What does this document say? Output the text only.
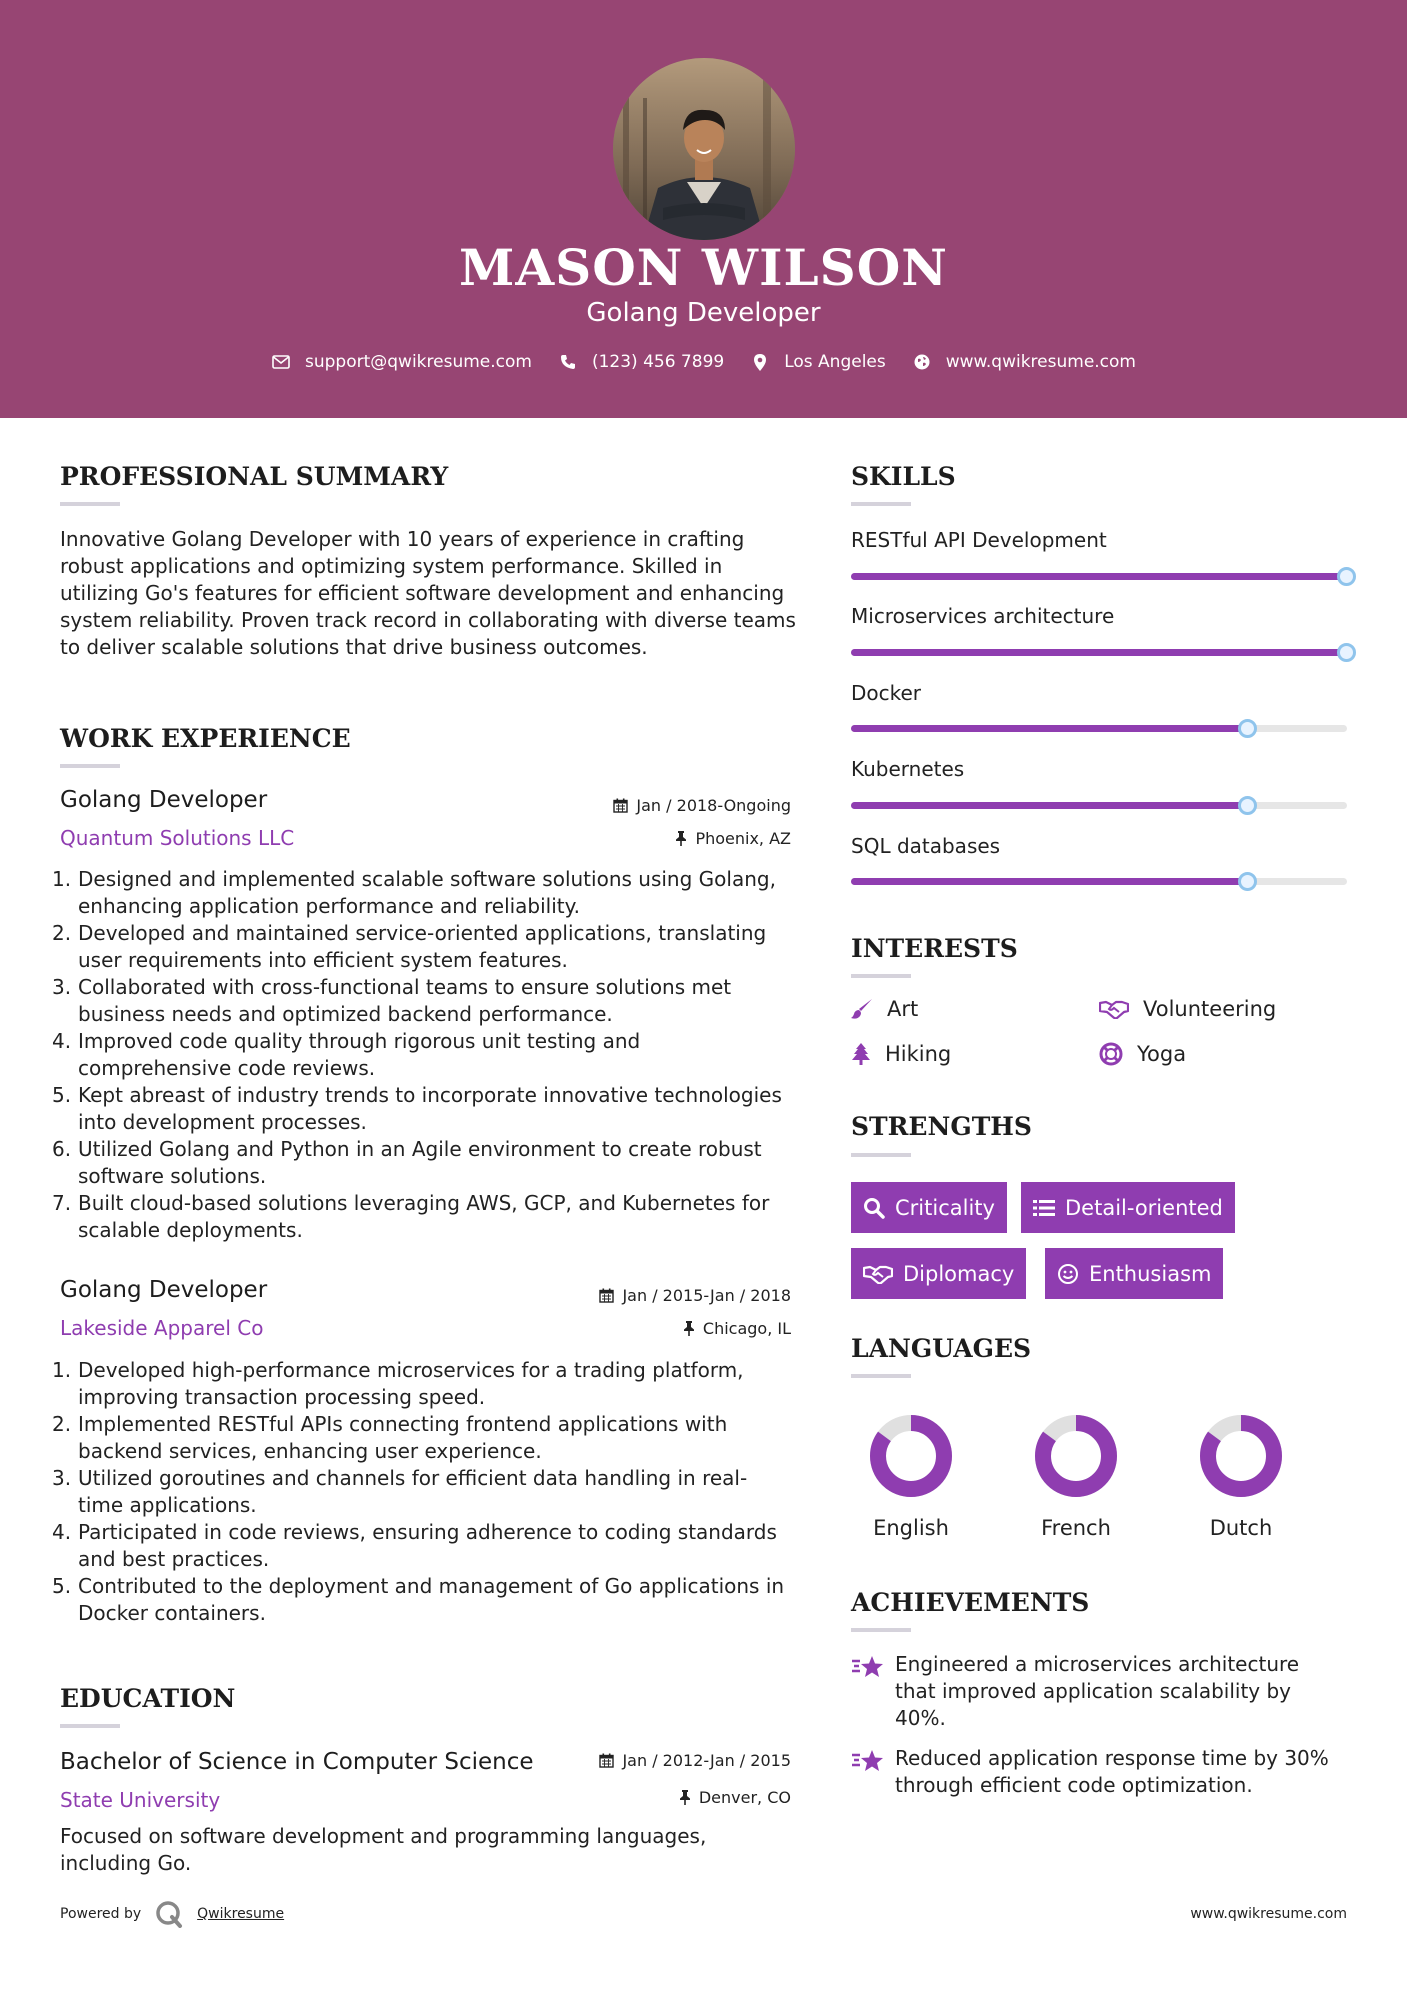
MASON WILSON
Golang Developer
support@qwikresume.com	(123) 456 7899	Los Angeles	www.qwikresume.com
PROFESSIONAL SUMMARY
Innovative Golang Developer with 10 years of experience in crafting robust applications and optimizing system performance. Skilled in utilizing Go's features for efficient software development and enhancing system reliability. Proven track record in collaborating with diverse teams to deliver scalable solutions that drive business outcomes.
WORK EXPERIENCE
Golang Developer	Jan / 2018-Ongoing
Quantum Solutions LLC	Phoenix, AZ
1. Designed and implemented scalable software solutions using Golang, enhancing application performance and reliability.
2. Developed and maintained service-oriented applications, translating user requirements into efficient system features.
3. Collaborated with cross-functional teams to ensure solutions met business needs and optimized backend performance.
4. Improved code quality through rigorous unit testing and comprehensive code reviews.
5. Kept abreast of industry trends to incorporate innovative technologies into development processes.
6. Utilized Golang and Python in an Agile environment to create robust software solutions.
7. Built cloud-based solutions leveraging AWS, GCP, and Kubernetes for scalable deployments.
Golang Developer	Jan / 2015-Jan / 2018
Lakeside Apparel Co	Chicago, IL
1. Developed high-performance microservices for a trading platform, improving transaction processing speed.
2. Implemented RESTful APIs connecting frontend applications with backend services, enhancing user experience.
3. Utilized goroutines and channels for efficient data handling in real-time applications.
4. Participated in code reviews, ensuring adherence to coding standards and best practices.
5. Contributed to the deployment and management of Go applications in Docker containers.
EDUCATION
Bachelor of Science in Computer Science	Jan / 2012-Jan / 2015
State University	Denver, CO
Focused on software development and programming languages, including Go.
SKILLS
RESTful API Development
Microservices architecture
Docker
Kubernetes
SQL databases
INTERESTS
Art	Volunteering
Hiking	Yoga
STRENGTHS
Criticality	Detail-oriented
Diplomacy	Enthusiasm
LANGUAGES
English	French	Dutch
ACHIEVEMENTS
Engineered a microservices architecture that improved application scalability by 40%.
Reduced application response time by 30% through efficient code optimization.
Powered by	Qwikresume	www.qwikresume.com
